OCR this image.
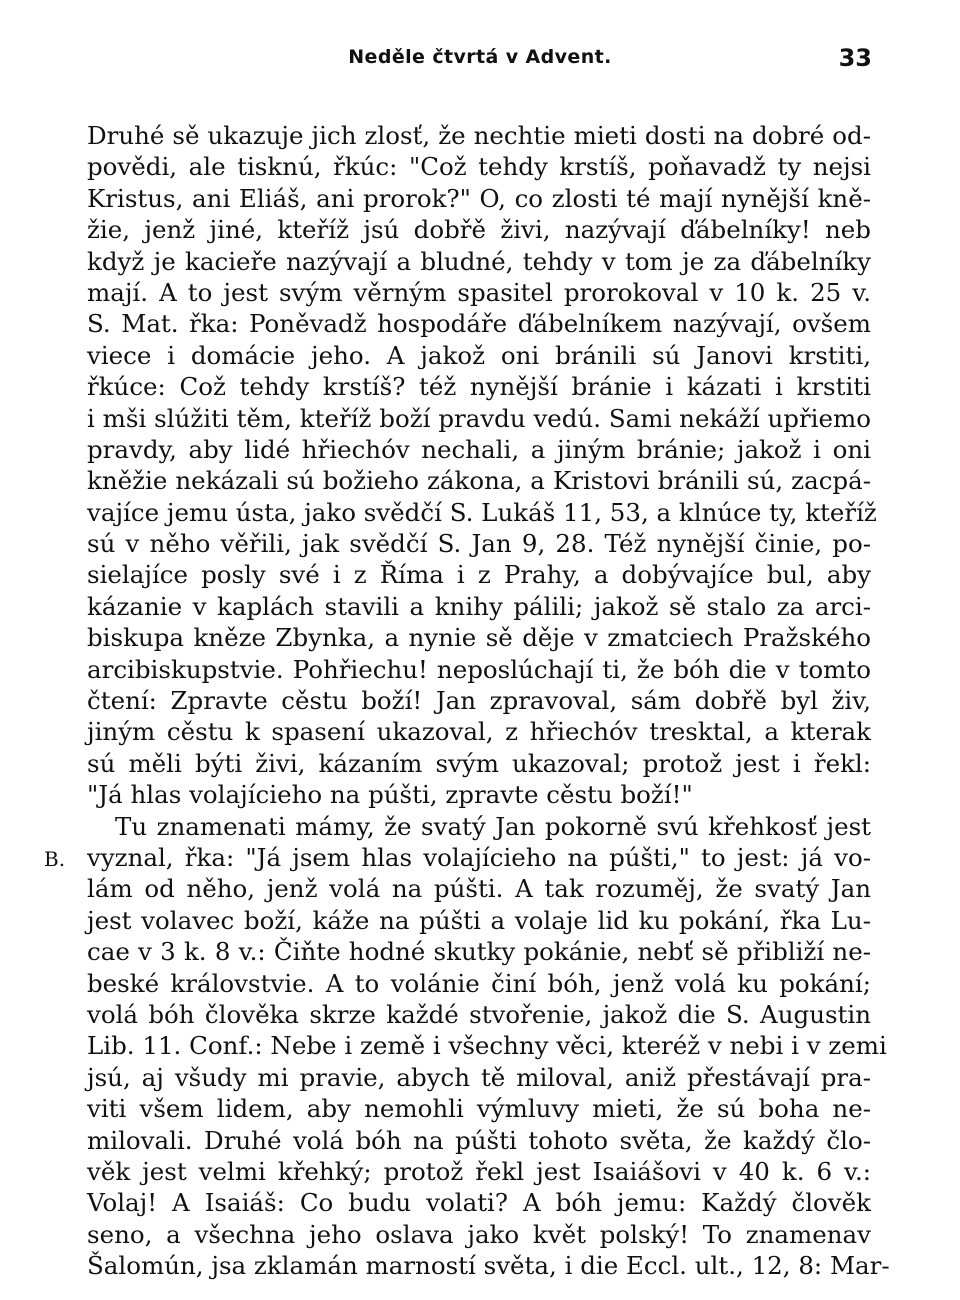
Neděle čtvrtá v Advent.	33
B.
Druhé sě ukazuje jich zlosť, že nechtie mieti dosti na dobré od-
povědi, ale tisknú, řkúc: "Což tehdy krstíš, poňavadž ty nejsi
Kristus, ani Eliáš, ani prorok?" O, co zlosti té mají nynější kně-
žie, jenž jiné, kteříž jsú dobřě živi, nazývají ďábelníky! neb
když je kacieře nazývají a bludné, tehdy v tom je za ďábelníky
mají. A to jest svým věrným spasitel prorokoval v 10 k. 25 v.
S. Mat. řka: Poněvadž hospodáře ďábelníkem nazývají, ovšem
viece i domácie jeho. A jakož oni bránili sú Janovi krstiti,
řkúce: Což tehdy krstíš? též nynější bránie i kázati i krstiti
i mši slúžiti těm, kteříž boží pravdu vedú. Sami nekáží upřiemo
pravdy, aby lidé hřiechóv nechali, a jiným bránie; jakož i oni
kněžie nekázali sú božieho zákona, a Kristovi bránili sú, zacpá-
vajíce jemu ústa, jako svědčí S. Lukáš 11, 53, a klnúce ty, kteříž
sú v něho věřili, jak svědčí S. Jan 9, 28. Též nynější činie, po-
sielajíce posly své i z Říma i z Prahy, a dobývajíce bul, aby
kázanie v kaplách stavili a knihy pálili; jakož sě stalo za arci-
biskupa kněze Zbynka, a nynie sě děje v zmatciech Pražského
arcibiskupstvie. Pohřiechu! neposlúchají ti, že bóh die v tomto
čtení: Zpravte cěstu boží! Jan zpravoval, sám dobřě byl živ,
jiným cěstu k spasení ukazoval, z hřiechóv tresktal, a kterak
sú měli býti živi, kázaním svým ukazoval; protož jest i řekl:
"Já hlas volajícieho na púšti, zpravte cěstu boží!"
Tu znamenati mámy, že svatý Jan pokorně svú křehkosť jest
vyznal, řka: "Já jsem hlas volajícieho na púšti," to jest: já vo-
lám od něho, jenž volá na púšti. A tak rozuměj, že svatý Jan
jest volavec boží, káže na púšti a volaje lid ku pokání, řka Lu-
cae v 3 k. 8 v.: Čiňte hodné skutky pokánie, nebť sě přibliží ne-
beské královstvie. A to volánie činí bóh, jenž volá ku pokání;
volá bóh člověka skrze každé stvořenie, jakož die S. Augustin
Lib. 11. Conf.: Nebe i země i všechny věci, kteréž v nebi i v zemi
jsú, aj všudy mi pravie, abych tě miloval, aniž přestávají pra-
viti všem lidem, aby nemohli výmluvy mieti, že sú boha ne-
milovali. Druhé volá bóh na púšti tohoto světa, že každý člo-
věk jest velmi křehký; protož řekl jest Isaiášovi v 40 k. 6 v.:
Volaj! A Isaiáš: Co budu volati? A bóh jemu: Každý člověk
seno, a všechna jeho oslava jako květ polský! To znamenav
Šalomún, jsa zklamán marností světa, i die Eccl. ult., 12, 8: Mar-
